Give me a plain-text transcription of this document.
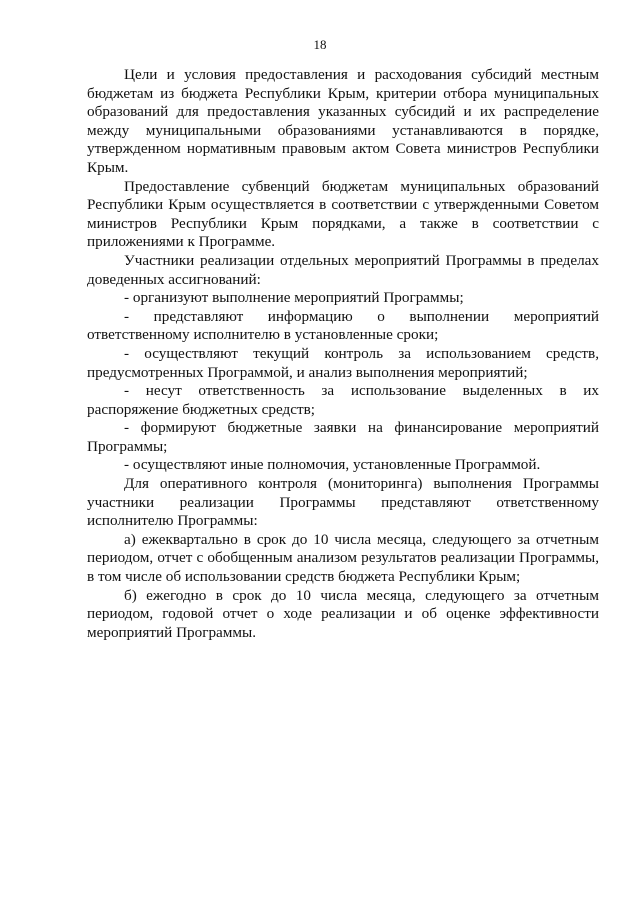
18

Цели и условия предоставления и расходования субсидий местным бюджетам из бюджета Республики Крым, критерии отбора муниципальных образований для предоставления указанных субсидий и их распределение между муниципальными образованиями устанавливаются в порядке, утвержденном нормативным правовым актом Совета министров Республики Крым.

Предоставление субвенций бюджетам муниципальных образований Республики Крым осуществляется в соответствии с утвержденными Советом министров Республики Крым порядками, а также в соответствии с приложениями к Программе.

Участники реализации отдельных мероприятий Программы в пределах доведенных ассигнований:

- организуют выполнение мероприятий Программы;

- представляют информацию о выполнении мероприятий ответственному исполнителю в установленные сроки;

- осуществляют текущий контроль за использованием средств, предусмотренных Программой, и анализ выполнения мероприятий;

- несут ответственность за использование выделенных в их распоряжение бюджетных средств;

- формируют бюджетные заявки на финансирование мероприятий Программы;

- осуществляют иные полномочия, установленные Программой.

Для оперативного контроля (мониторинга) выполнения Программы участники реализации Программы представляют ответственному исполнителю Программы:

а) ежеквартально в срок до 10 числа месяца, следующего за отчетным периодом, отчет с обобщенным анализом результатов реализации Программы, в том числе об использовании средств бюджета Республики Крым;

б) ежегодно в срок до 10 числа месяца, следующего за отчетным периодом, годовой отчет о ходе реализации и об оценке эффективности мероприятий Программы.
